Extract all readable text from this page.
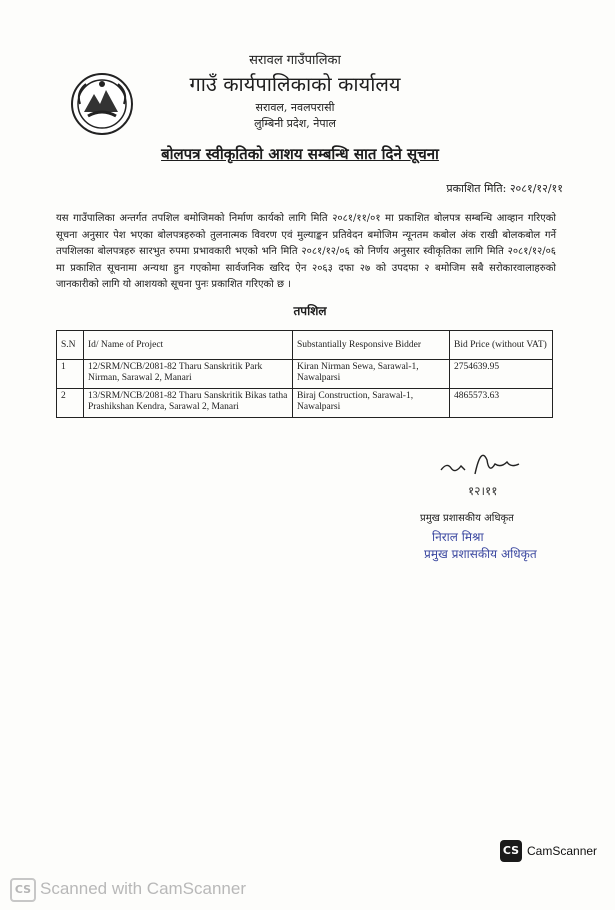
सरावल गाउँपालिका
गाउँ कार्यपालिकाको कार्यालय
सरावल, नवलपरासी
लुम्बिनी प्रदेश, नेपाल
बोलपत्र स्वीकृतिको आशय सम्बन्धि सात दिने सूचना
प्रकाशित मिति: २०८१/१२/११
यस गाउँपालिका अन्तर्गत तपशिल बमोजिमको निर्माण कार्यको लागि मिति २०८१/११/०१ मा प्रकाशित बोलपत्र सम्बन्धि आव्हान गरिएको सूचना अनुसार पेश भएका बोलपत्रहरुको तुलनात्मक विवरण एवं मुल्याङ्कन प्रतिवेदन बमोजिम न्यूनतम कबोल अंक राखी बोलकबोल गर्ने तपशिलका बोलपत्रहरु सारभुत रुपमा प्रभावकारी भएको भनि मिति २०८१/१२/०६ को निर्णय अनुसार स्वीकृतिका लागि मिति २०८१/१२/०६ मा प्रकाशित सूचनामा अन्यथा हुन गएकोमा सार्वजनिक खरिद ऐन २०६३ दफा २७ को उपदफा २ बमोजिम सबै सरोकारवालाहरुको जानकारीको लागि यो आशयको सूचना पुनः प्रकाशित गरिएको छ ।
तपशिल
S.N	Id/ Name of Project	Substantially Responsive Bidder	Bid Price (without VAT)
1	12/SRM/NCB/2081-82 Tharu Sanskritik Park Nirman, Sarawal 2, Manari	Kiran Nirman Sewa, Sarawal-1, Nawalparsi	2754639.95
2	13/SRM/NCB/2081-82 Tharu Sanskritik Bikas tatha Prashikshan Kendra, Sarawal 2, Manari	Biraj Construction, Sarawal-1, Nawalparsi	4865573.63
१२।११
प्रमुख प्रशासकीय अधिकृत
निराल मिश्रा
प्रमुख प्रशासकीय अधिकृत
CS CamScanner
CS Scanned with CamScanner
